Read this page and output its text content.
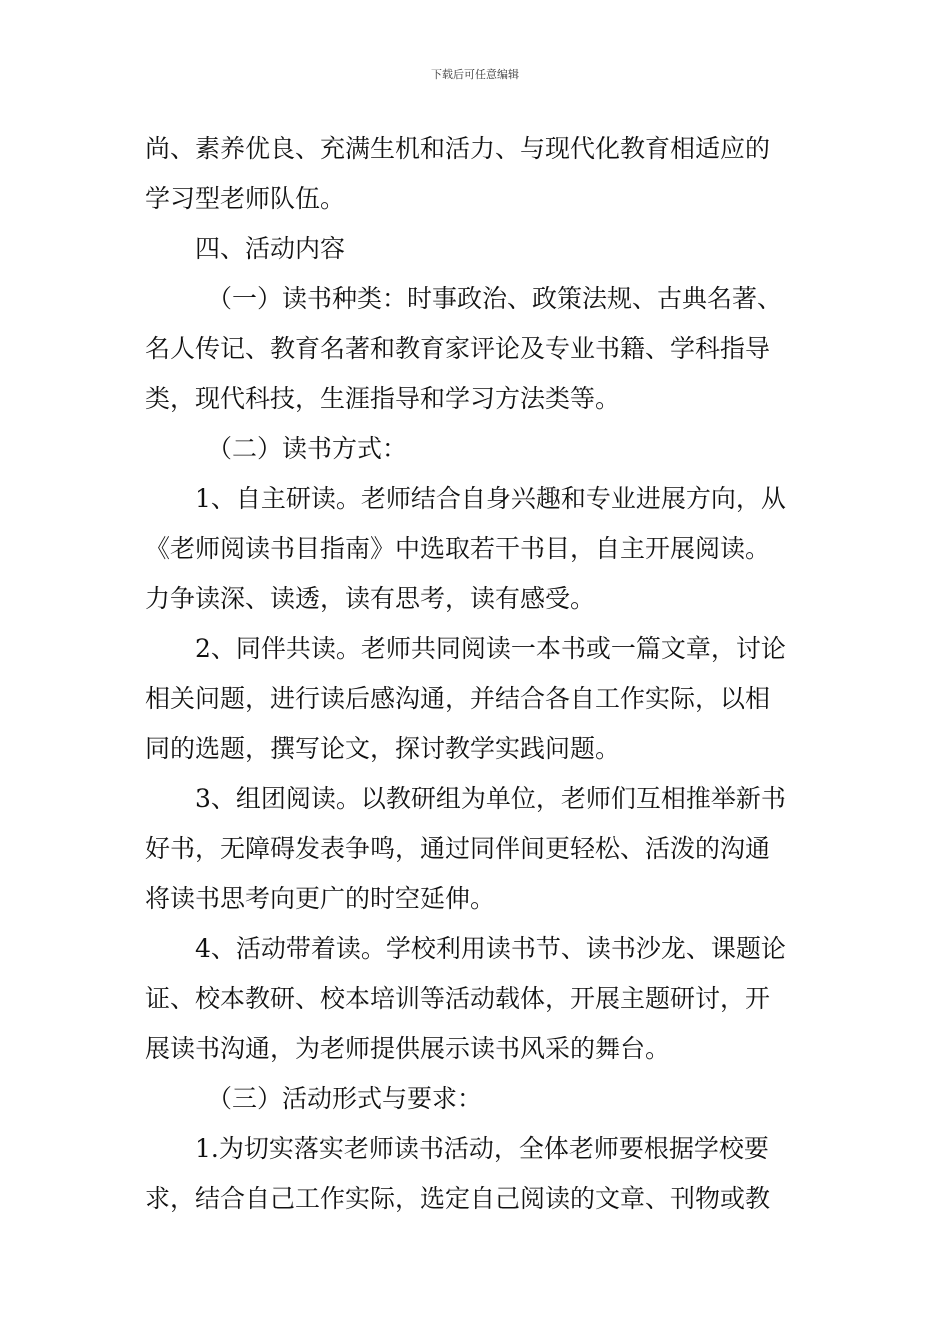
下载后可任意编辑
尚、素养优良、充满生机和活力、与现代化教育相适应的
学习型老师队伍。
四、活动内容
（一）读书种类：时事政治、政策法规、古典名著、
名人传记、教育名著和教育家评论及专业书籍、学科指导
类，现代科技，生涯指导和学习方法类等。
（二）读书方式：
1、自主研读。老师结合自身兴趣和专业进展方向，从
《老师阅读书目指南》中选取若干书目，自主开展阅读。
力争读深、读透，读有思考，读有感受。
2、同伴共读。老师共同阅读一本书或一篇文章，讨论
相关问题，进行读后感沟通，并结合各自工作实际，以相
同的选题，撰写论文，探讨教学实践问题。
3、组团阅读。以教研组为单位，老师们互相推举新书
好书，无障碍发表争鸣，通过同伴间更轻松、活泼的沟通
将读书思考向更广的时空延伸。
4、活动带着读。学校利用读书节、读书沙龙、课题论
证、校本教研、校本培训等活动载体，开展主题研讨，开
展读书沟通，为老师提供展示读书风采的舞台。
（三）活动形式与要求：
1.为切实落实老师读书活动，全体老师要根据学校要
求，结合自己工作实际，选定自己阅读的文章、刊物或教
